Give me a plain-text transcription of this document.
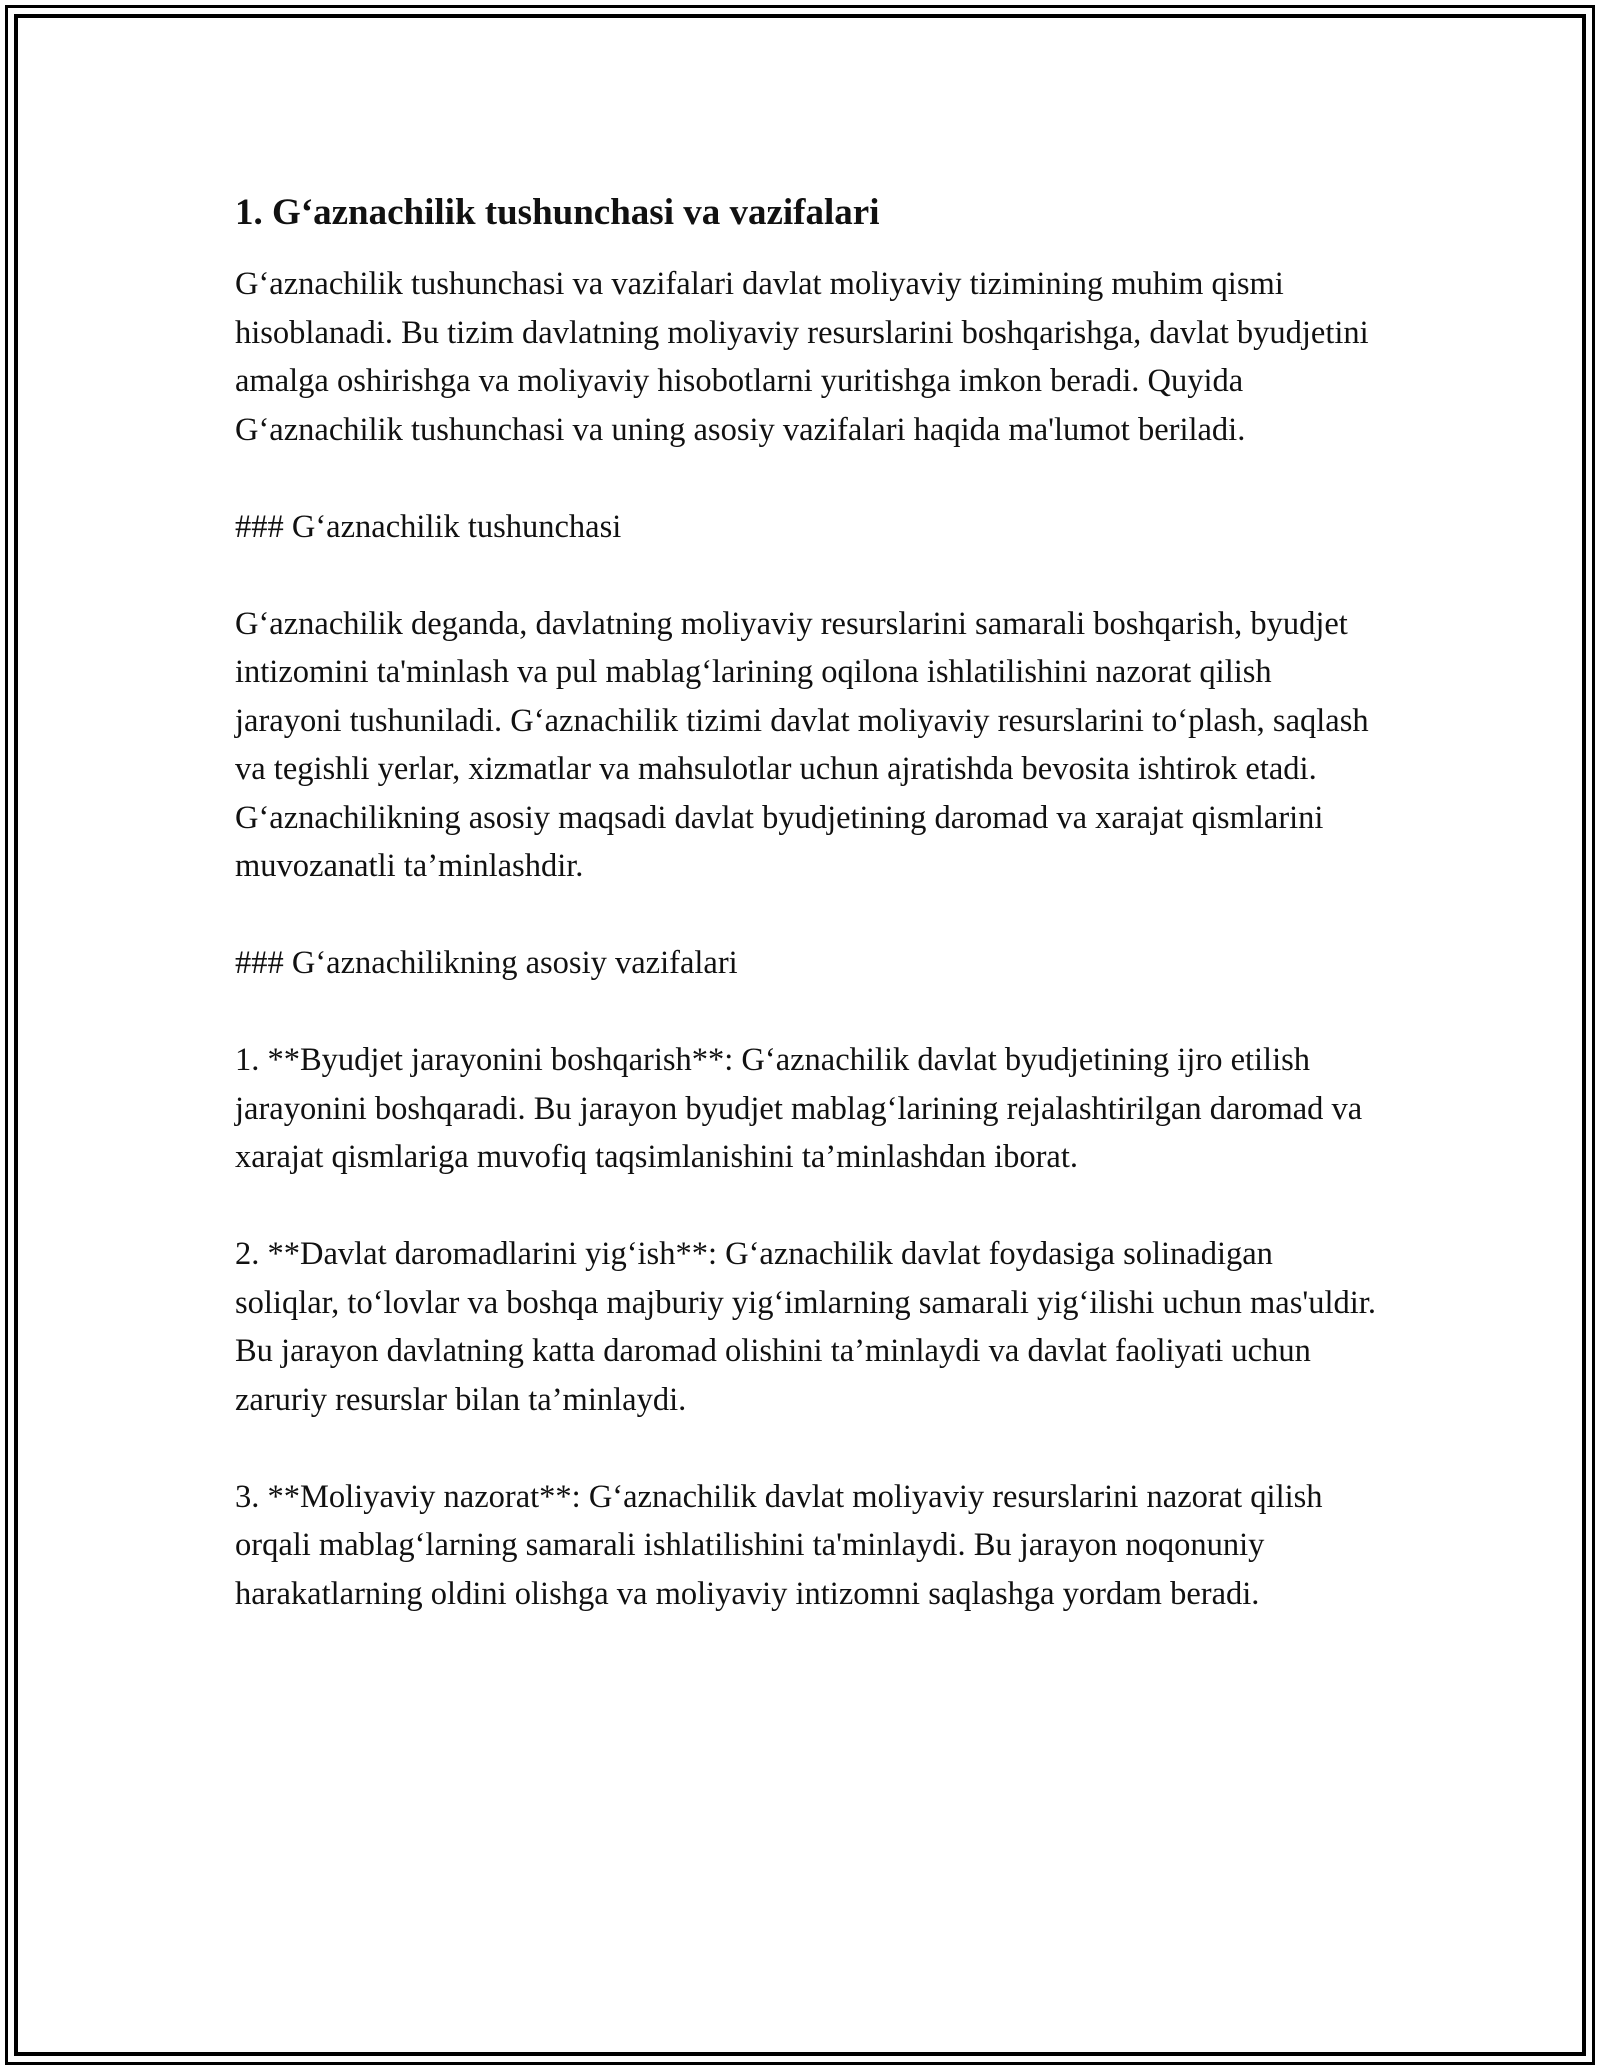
1. G‘aznachilik tushunchasi va vazifalari

G‘aznachilik tushunchasi va vazifalari davlat moliyaviy tizimining muhim qismi hisoblanadi. Bu tizim davlatning moliyaviy resurslarini boshqarishga, davlat byudjetini amalga oshirishga va moliyaviy hisobotlarni yuritishga imkon beradi. Quyida G‘aznachilik tushunchasi va uning asosiy vazifalari haqida ma'lumot beriladi.

### G‘aznachilik tushunchasi

G‘aznachilik deganda, davlatning moliyaviy resurslarini samarali boshqarish, byudjet intizomini ta'minlash va pul mablag‘larining oqilona ishlatilishini nazorat qilish jarayoni tushuniladi. G‘aznachilik tizimi davlat moliyaviy resurslarini to‘plash, saqlash va tegishli yerlar, xizmatlar va mahsulotlar uchun ajratishda bevosita ishtirok etadi. G‘aznachilikning asosiy maqsadi davlat byudjetining daromad va xarajat qismlarini muvozanatli ta’minlashdir.

### G‘aznachilikning asosiy vazifalari

1. **Byudjet jarayonini boshqarish**: G‘aznachilik davlat byudjetining ijro etilish jarayonini boshqaradi. Bu jarayon byudjet mablag‘larining rejalashtirilgan daromad va xarajat qismlariga muvofiq taqsimlanishini ta’minlashdan iborat.

2. **Davlat daromadlarini yig‘ish**: G‘aznachilik davlat foydasiga solinadigan soliqlar, to‘lovlar va boshqa majburiy yig‘imlarning samarali yig‘ilishi uchun mas'uldir. Bu jarayon davlatning katta daromad olishini ta’minlaydi va davlat faoliyati uchun zaruriy resurslar bilan ta’minlaydi.

3. **Moliyaviy nazorat**: G‘aznachilik davlat moliyaviy resurslarini nazorat qilish orqali mablag‘larning samarali ishlatilishini ta'minlaydi. Bu jarayon noqonuniy harakatlarning oldini olishga va moliyaviy intizomni saqlashga yordam beradi.
